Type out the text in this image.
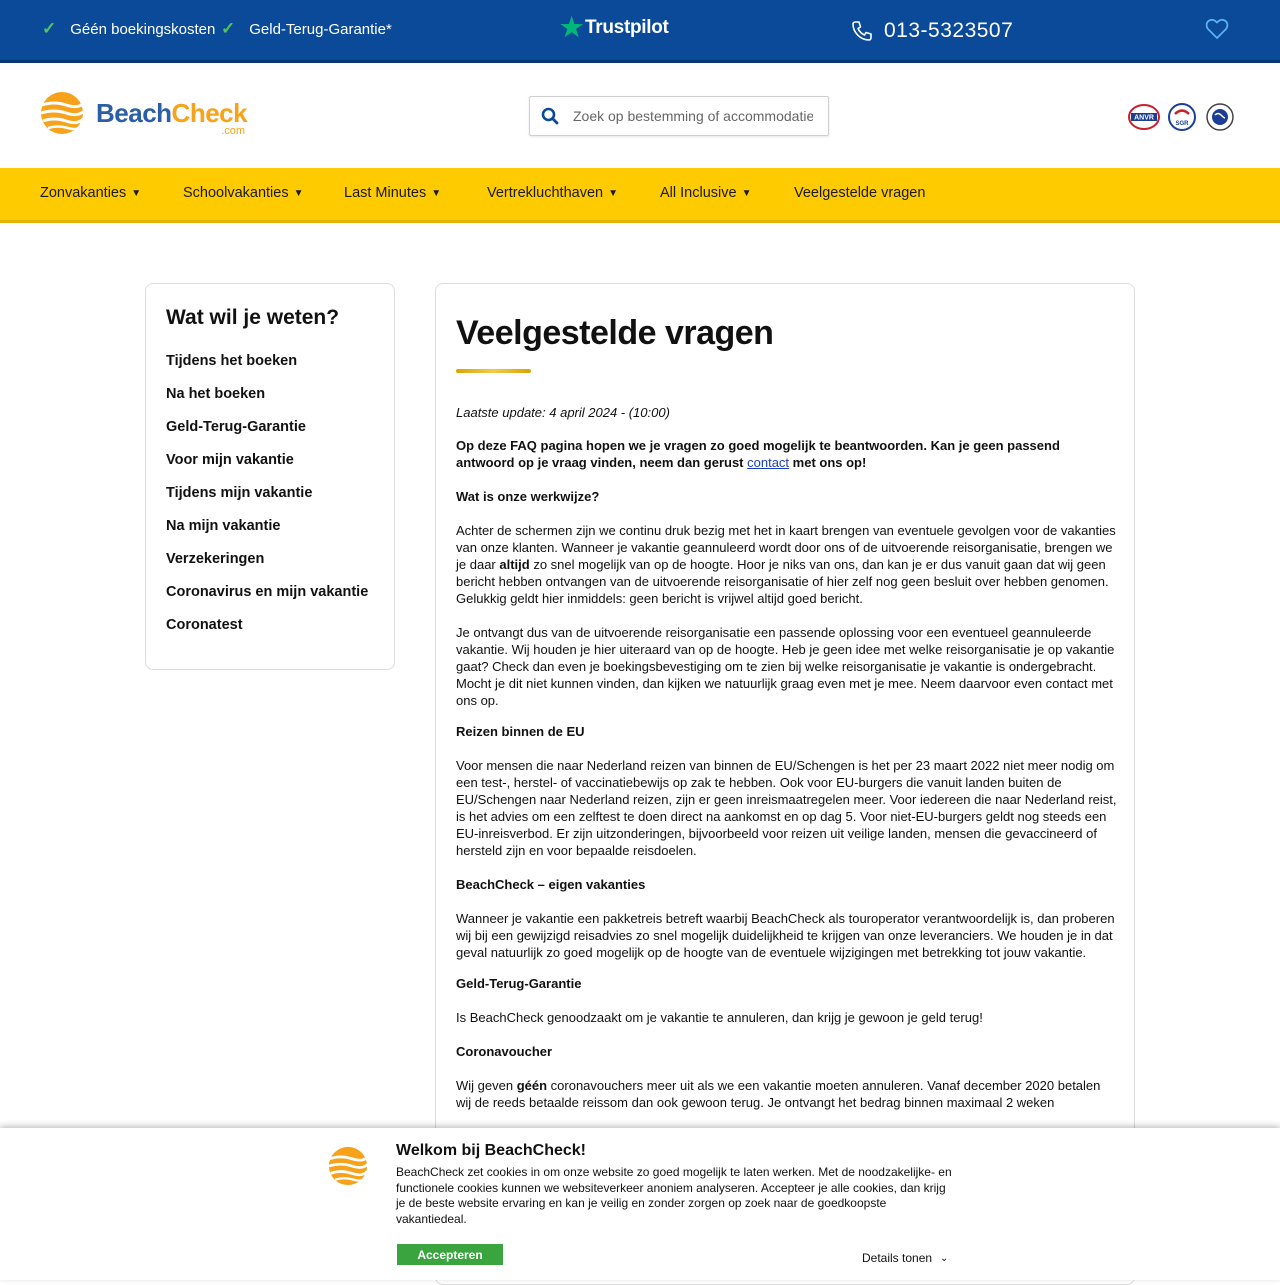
✓ Géén boekingskosten ✓ Geld-Terug-Garantie*	★ Trustpilot	013-5323507
BeachCheck
.com
Zoek op bestemming of accommodatie
ANVR
SGR
Zonvakanties ▼	Schoolvakanties ▼	Last Minutes ▼	Vertrekluchthaven ▼	All Inclusive ▼	Veelgestelde vragen
Wat wil je weten?
Tijdens het boeken
Na het boeken
Geld-Terug-Garantie
Voor mijn vakantie
Tijdens mijn vakantie
Na mijn vakantie
Verzekeringen
Coronavirus en mijn vakantie
Coronatest
Veelgestelde vragen

Laatste update: 4 april 2024 - (10:00)

Op deze FAQ pagina hopen we je vragen zo goed mogelijk te beantwoorden. Kan je geen passend antwoord op je vraag vinden, neem dan gerust contact met ons op!

Wat is onze werkwijze?

Achter de schermen zijn we continu druk bezig met het in kaart brengen van eventuele gevolgen voor de vakanties van onze klanten. Wanneer je vakantie geannuleerd wordt door ons of de uitvoerende reisorganisatie, brengen we je daar altijd zo snel mogelijk van op de hoogte. Hoor je niks van ons, dan kan je er dus vanuit gaan dat wij geen bericht hebben ontvangen van de uitvoerende reisorganisatie of hier zelf nog geen besluit over hebben genomen. Gelukkig geldt hier inmiddels: geen bericht is vrijwel altijd goed bericht.

Je ontvangt dus van de uitvoerende reisorganisatie een passende oplossing voor een eventueel geannuleerde vakantie. Wij houden je hier uiteraard van op de hoogte. Heb je geen idee met welke reisorganisatie je op vakantie gaat? Check dan even je boekingsbevestiging om te zien bij welke reisorganisatie je vakantie is ondergebracht. Mocht je dit niet kunnen vinden, dan kijken we natuurlijk graag even met je mee. Neem daarvoor even contact met ons op.

Reizen binnen de EU

Voor mensen die naar Nederland reizen van binnen de EU/Schengen is het per 23 maart 2022 niet meer nodig om een test-, herstel- of vaccinatiebewijs op zak te hebben. Ook voor EU-burgers die vanuit landen buiten de EU/Schengen naar Nederland reizen, zijn er geen inreismaatregelen meer. Voor iedereen die naar Nederland reist, is het advies om een zelftest te doen direct na aankomst en op dag 5. Voor niet-EU-burgers geldt nog steeds een EU-inreisverbod. Er zijn uitzonderingen, bijvoorbeeld voor reizen uit veilige landen, mensen die gevaccineerd of hersteld zijn en voor bepaalde reisdoelen.

BeachCheck – eigen vakanties

Wanneer je vakantie een pakketreis betreft waarbij BeachCheck als touroperator verantwoordelijk is, dan proberen wij bij een gewijzigd reisadvies zo snel mogelijk duidelijkheid te krijgen van onze leveranciers. We houden je in dat geval natuurlijk zo goed mogelijk op de hoogte van de eventuele wijzigingen met betrekking tot jouw vakantie.

Geld-Terug-Garantie

Is BeachCheck genoodzaakt om je vakantie te annuleren, dan krijg je gewoon je geld terug!

Coronavoucher

Wij geven géén coronavouchers meer uit als we een vakantie moeten annuleren. Vanaf december 2020 betalen wij de reeds betaalde reissom dan ook gewoon terug. Je ontvangt het bedrag binnen maximaal 2 weken

Welkom bij BeachCheck!
BeachCheck zet cookies in om onze website zo goed mogelijk te laten werken. Met de noodzakelijke- en functionele cookies kunnen we websiteverkeer anoniem analyseren. Accepteer je alle cookies, dan krijg je de beste website ervaring en kan je veilig en zonder zorgen op zoek naar de goedkoopste vakantiedeal.
Accepteren	Details tonen ⌄
